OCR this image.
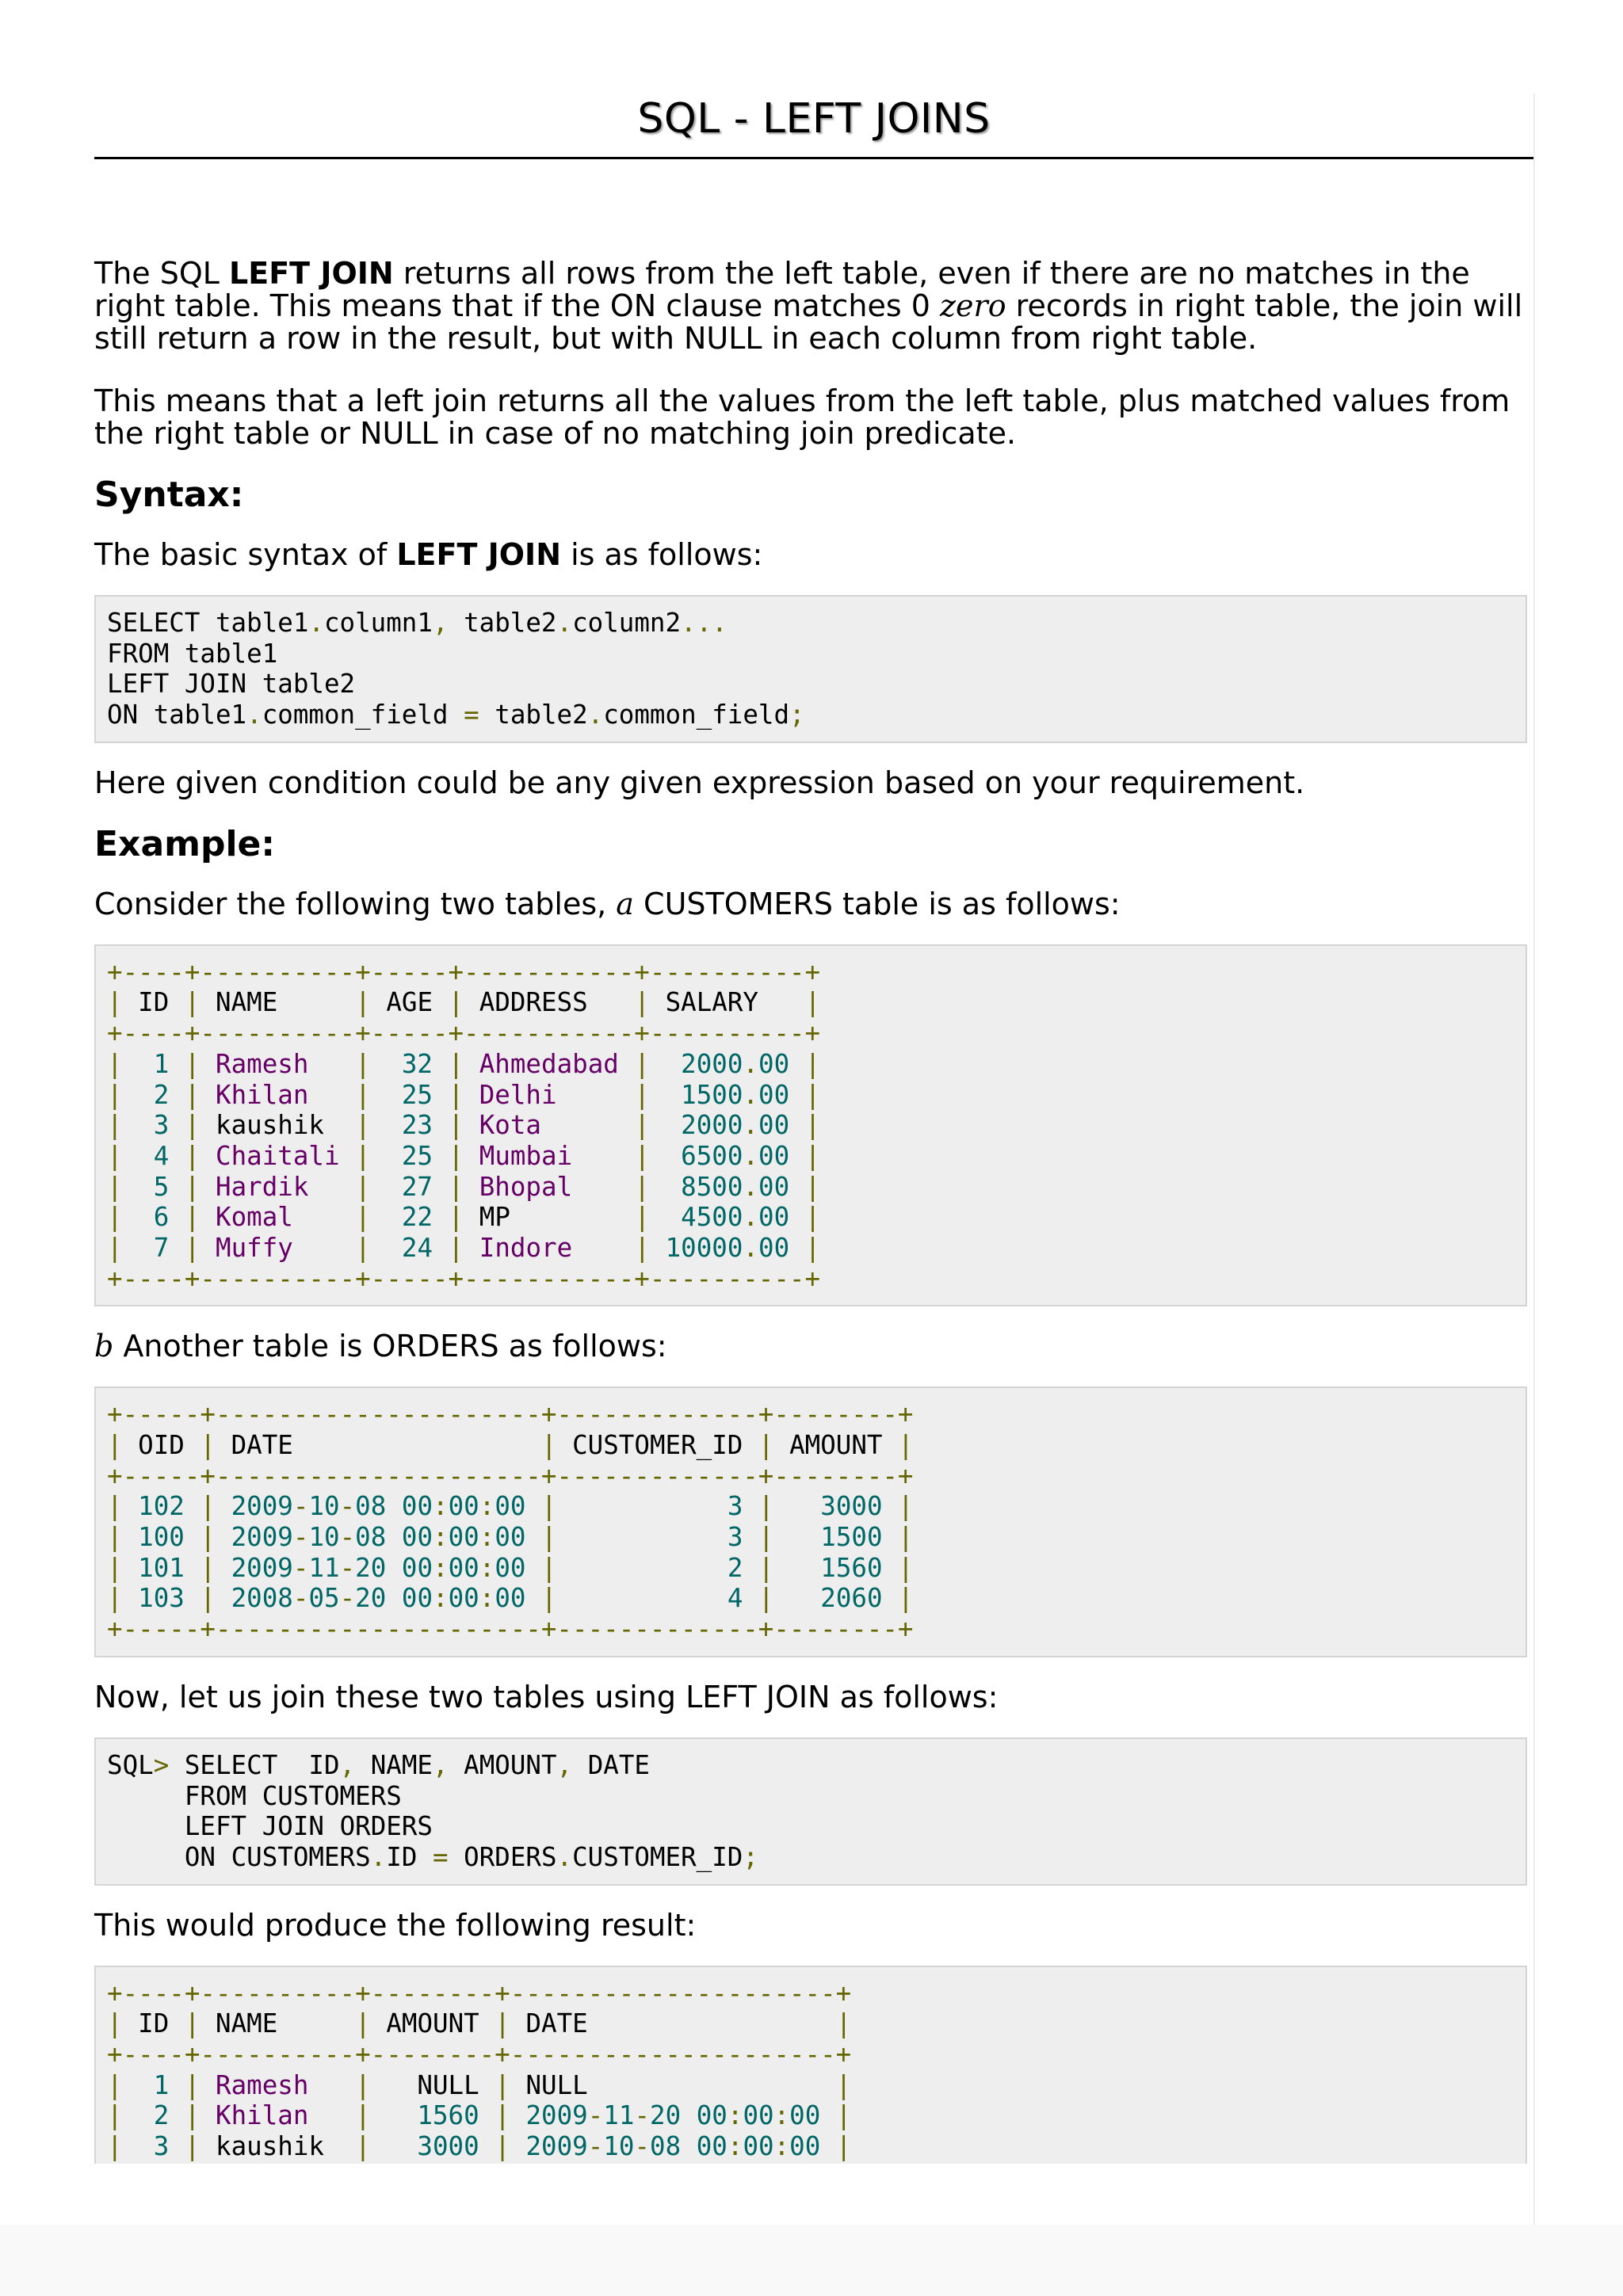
SQL - LEFT JOINS

The SQL LEFT JOIN returns all rows from the left table, even if there are no matches in the right table. This means that if the ON clause matches 0 zero records in right table, the join will still return a row in the result, but with NULL in each column from right table.

This means that a left join returns all the values from the left table, plus matched values from the right table or NULL in case of no matching join predicate.

Syntax:

The basic syntax of LEFT JOIN is as follows:

SELECT table1.column1, table2.column2...
FROM table1
LEFT JOIN table2
ON table1.common_field = table2.common_field;

Here given condition could be any given expression based on your requirement.

Example:

Consider the following two tables, a CUSTOMERS table is as follows:

+----+----------+-----+-----------+----------+
| ID | NAME	| AGE | ADDRESS | SALARY |
+----+----------+-----+-----------+----------+
| 1 | Ramesh | 32 | Ahmedabad | 2000.00 |
| 2 | Khilan | 25 | Delhi	| 1500.00 |
| 3 | kaushik | 23 | Kota	| 2000.00 |
| 4 | Chaitali | 25 | Mumbai | 6500.00 |
| 5 | Hardik | 27 | Bhopal | 8500.00 |
| 6 | Komal | 22 | MP	| 4500.00 |
| 7 | Muffy | 24 | Indore | 10000.00 |
+----+----------+-----+-----------+----------+

b Another table is ORDERS as follows:

+-----+---------------------+-------------+--------+
| OID | DATE	| CUSTOMER_ID | AMOUNT |
+-----+---------------------+-------------+--------+
| 102 | 2009-10-08 00:00:00 |	3 | 3000 |
| 100 | 2009-10-08 00:00:00 |	3 | 1500 |
| 101 | 2009-11-20 00:00:00 |	2 | 1560 |
| 103 | 2008-05-20 00:00:00 |	4 | 2060 |
+-----+---------------------+-------------+--------+

Now, let us join these two tables using LEFT JOIN as follows:

SQL> SELECT ID, NAME, AMOUNT, DATE
FROM CUSTOMERS
LEFT JOIN ORDERS
ON CUSTOMERS.ID = ORDERS.CUSTOMER_ID;

This would produce the following result:

+----+----------+--------+---------------------+
| ID | NAME	| AMOUNT | DATE	|
+----+----------+--------+---------------------+
| 1 | Ramesh | NULL | NULL	|
| 2 | Khilan | 1560 | 2009-11-20 00:00:00 |
| 3 | kaushik | 3000 | 2009-10-08 00:00:00 |
